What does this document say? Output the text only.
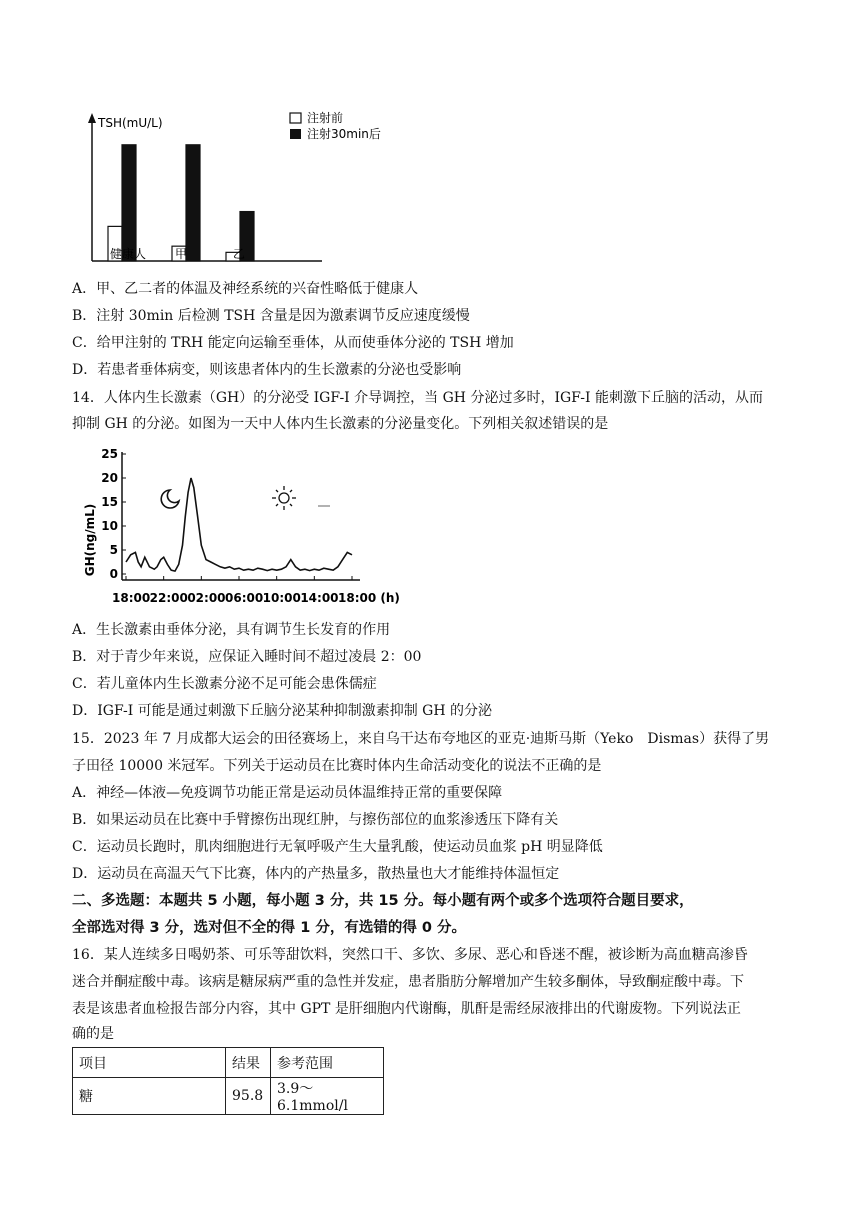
TSH(mU/L)	注射前
注射30min后
健康人 甲	乙
A．甲、乙二者的体温及神经系统的兴奋性略低于健康人
B．注射 30min 后检测 TSH 含量是因为激素调节反应速度缓慢
C．给甲注射的 TRH 能定向运输至垂体，从而使垂体分泌的 TSH 增加
D．若患者垂体病变，则该患者体内的生长激素的分泌也受影响
14．人体内生长激素（GH）的分泌受 IGF-I 介导调控，当 GH 分泌过多时，IGF-I 能刺激下丘脑的活动，从而
抑制 GH 的分泌。如图为一天中人体内生长激素的分泌量变化。下列相关叙述错误的是
GH(ng/mL)
25
20
15
10
5
0
18:00 22:00 02:00 06:00 10:00 14:00 18:00 (h)
A．生长激素由垂体分泌，具有调节生长发育的作用
B．对于青少年来说，应保证入睡时间不超过凌晨 2：00
C．若儿童体内生长激素分泌不足可能会患侏儒症
D．IGF-I 可能是通过刺激下丘脑分泌某种抑制激素抑制 GH 的分泌
15．2023 年 7 月成都大运会的田径赛场上，来自乌干达布夸地区的亚克·迪斯马斯（Yeko　Dismas）获得了男
子田径 10000 米冠军。下列关于运动员在比赛时体内生命活动变化的说法不正确的是
A．神经—体液—免疫调节功能正常是运动员体温维持正常的重要保障
B．如果运动员在比赛中手臂擦伤出现红肿，与擦伤部位的血浆渗透压下降有关
C．运动员长跑时，肌肉细胞进行无氧呼吸产生大量乳酸，使运动员血浆 pH 明显降低
D．运动员在高温天气下比赛，体内的产热量多，散热量也大才能维持体温恒定
二、多选题：本题共 5 小题，每小题 3 分，共 15 分。每小题有两个或多个选项符合题目要求，
全部选对得 3 分，选对但不全的得 1 分，有选错的得 0 分。
16．某人连续多日喝奶茶、可乐等甜饮料，突然口干、多饮、多尿、恶心和昏迷不醒，被诊断为高血糖高渗昏
迷合并酮症酸中毒。该病是糖尿病严重的急性并发症，患者脂肪分解增加产生较多酮体，导致酮症酸中毒。下
表是该患者血检报告部分内容，其中 GPT 是肝细胞内代谢酶，肌酐是需经尿液排出的代谢废物。下列说法正
确的是
项目	结果	参考范围
糖	95.8	3.9～6.1mmol/l
